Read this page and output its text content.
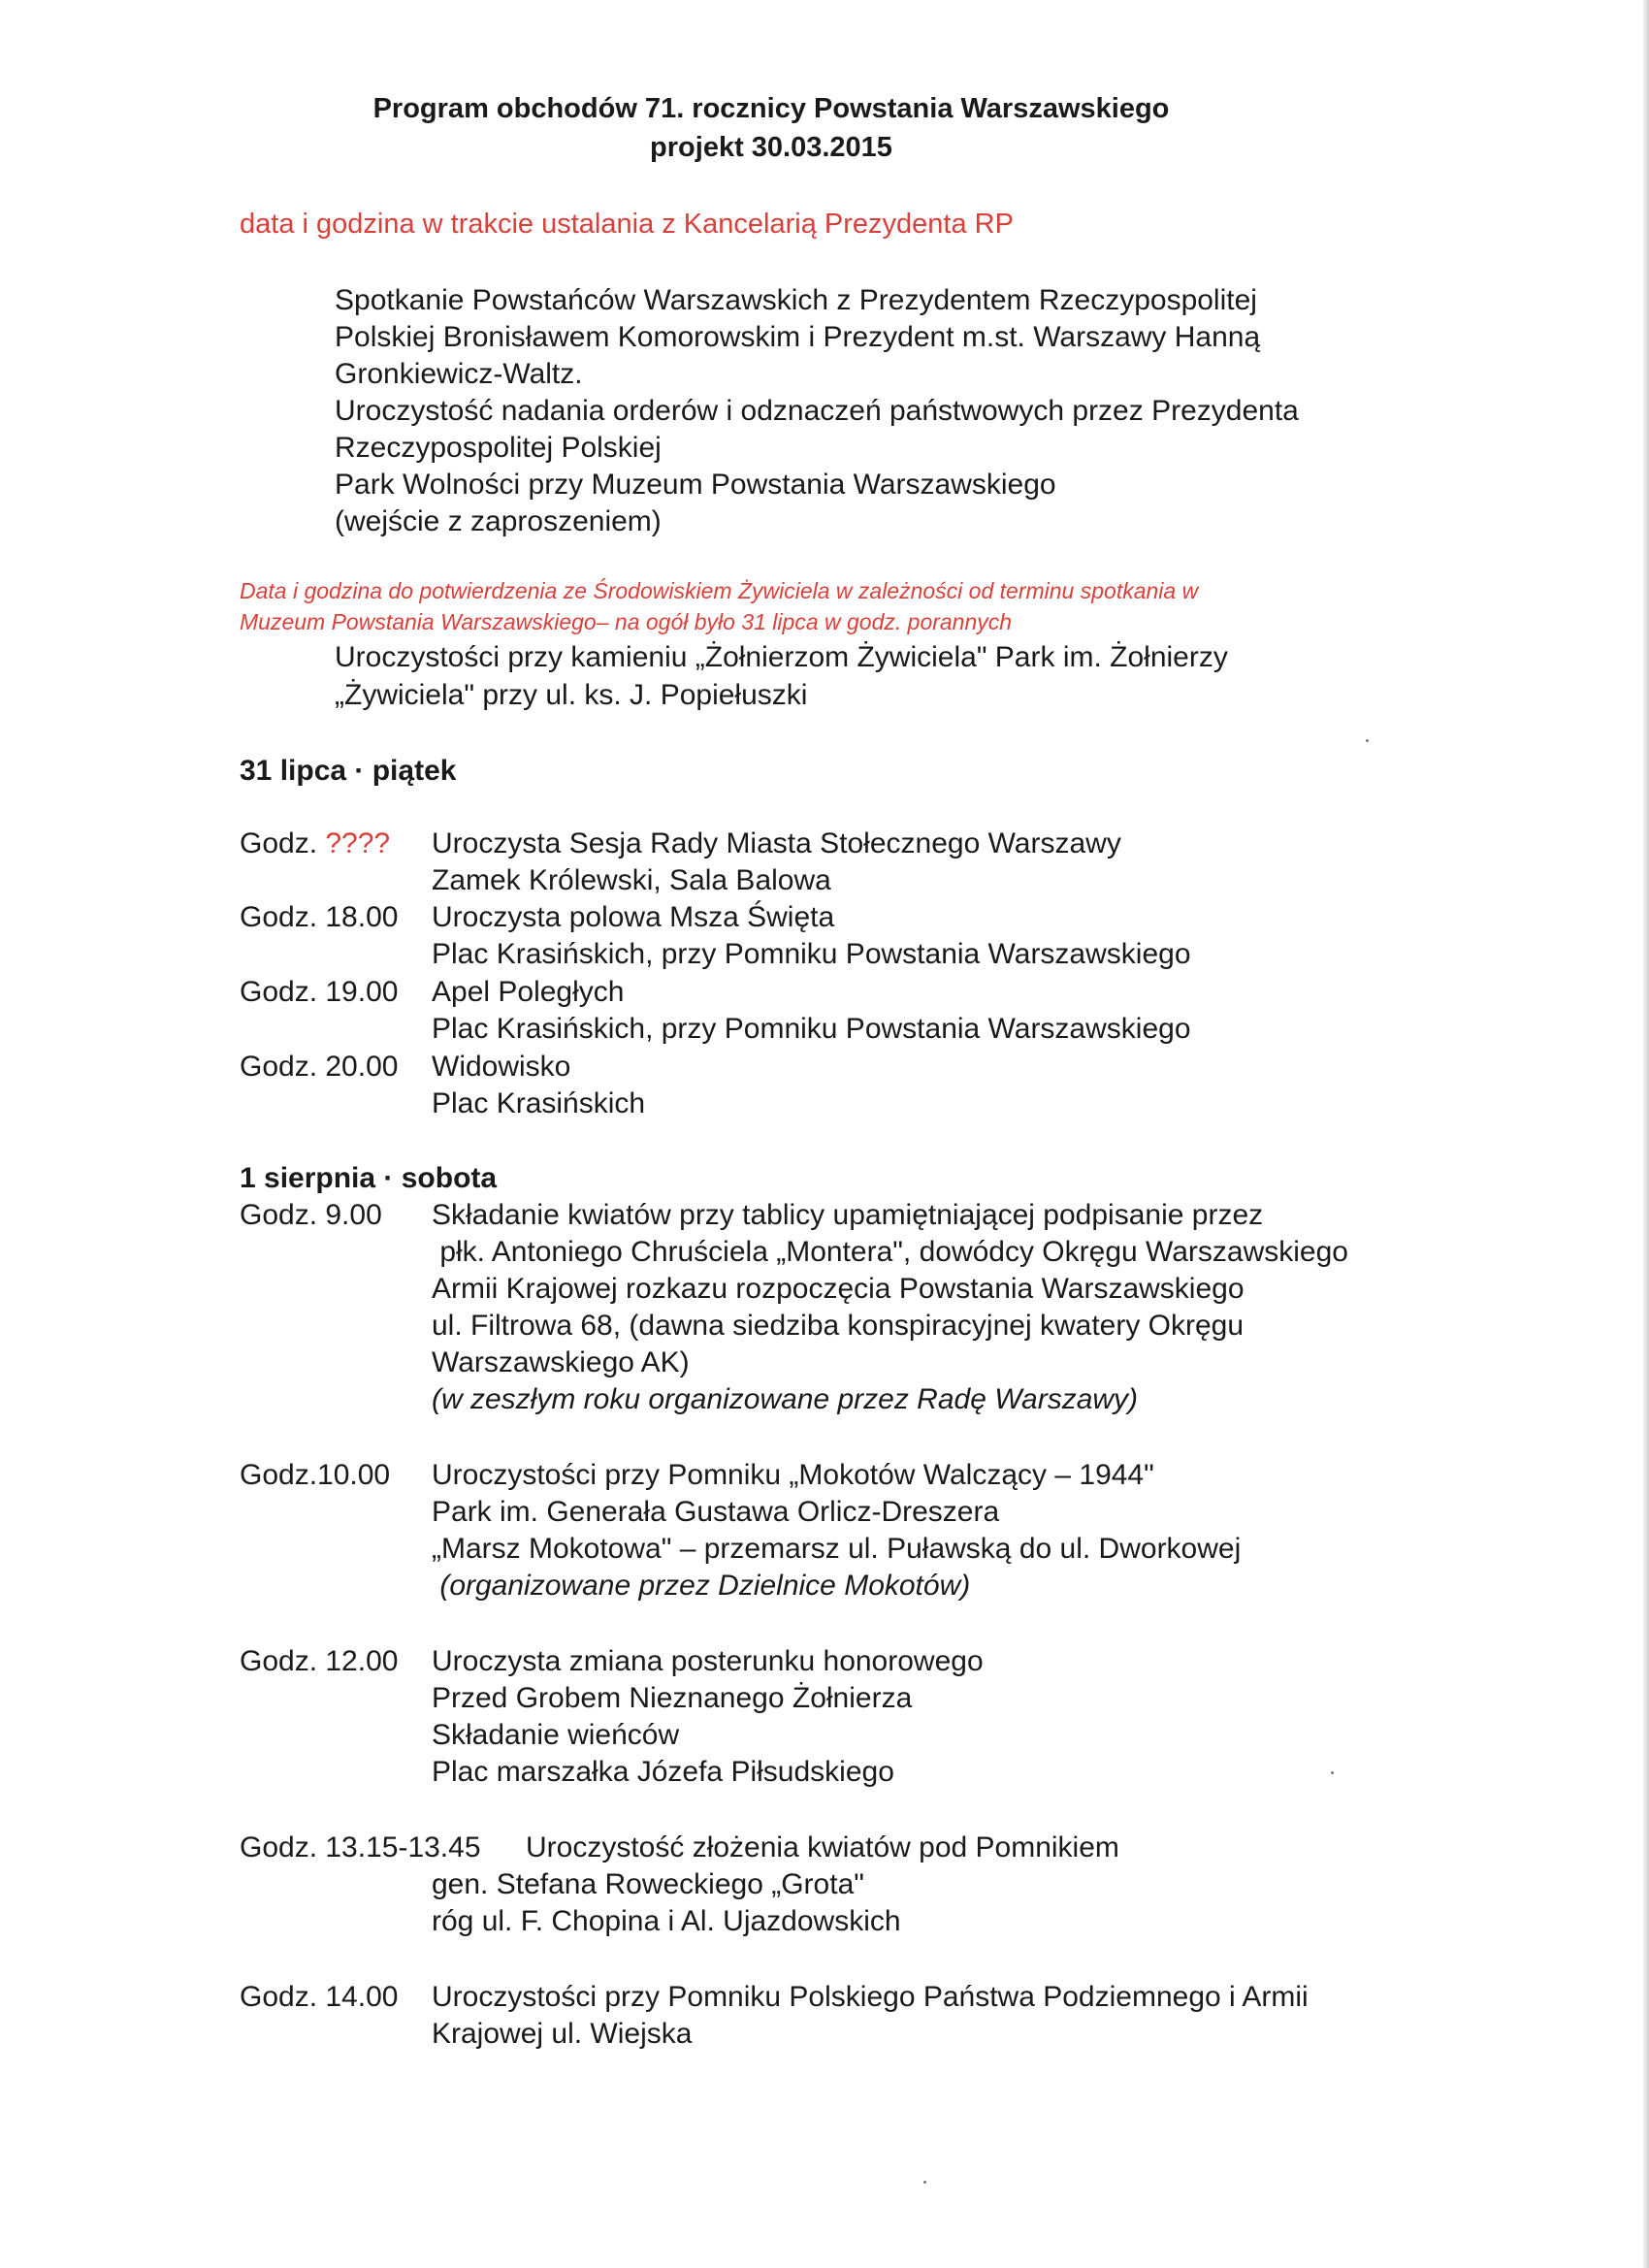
Program obchodów 71. rocznicy Powstania Warszawskiego
projekt 30.03.2015
data i godzina w trakcie ustalania z Kancelarią Prezydenta RP
Spotkanie Powstańców Warszawskich z Prezydentem Rzeczypospolitej
Polskiej Bronisławem Komorowskim i Prezydent m.st. Warszawy Hanną
Gronkiewicz-Waltz.
Uroczystość nadania orderów i odznaczeń państwowych przez Prezydenta
Rzeczypospolitej Polskiej
Park Wolności przy Muzeum Powstania Warszawskiego
(wejście z zaproszeniem)
Data i godzina do potwierdzenia ze Środowiskiem Żywiciela w zależności od terminu spotkania w
Muzeum Powstania Warszawskiego– na ogół było 31 lipca w godz. porannych
Uroczystości przy kamieniu „Żołnierzom Żywiciela" Park im. Żołnierzy
„Żywiciela" przy ul. ks. J. Popiełuszki
31 lipca · piątek
Godz. ???? Uroczysta Sesja Rady Miasta Stołecznego Warszawy
Zamek Królewski, Sala Balowa
Godz. 18.00 Uroczysta polowa Msza Święta
Plac Krasińskich, przy Pomniku Powstania Warszawskiego
Godz. 19.00 Apel Poległych
Plac Krasińskich, przy Pomniku Powstania Warszawskiego
Godz. 20.00 Widowisko
Plac Krasińskich
1 sierpnia · sobota
Godz. 9.00 Składanie kwiatów przy tablicy upamiętniającej podpisanie przez
płk. Antoniego Chruściela „Montera", dowódcy Okręgu Warszawskiego
Armii Krajowej rozkazu rozpoczęcia Powstania Warszawskiego
ul. Filtrowa 68, (dawna siedziba konspiracyjnej kwatery Okręgu
Warszawskiego AK)
(w zeszłym roku organizowane przez Radę Warszawy)
Godz.10.00 Uroczystości przy Pomniku „Mokotów Walczący – 1944"
Park im. Generała Gustawa Orlicz-Dreszera
„Marsz Mokotowa" – przemarsz ul. Puławską do ul. Dworkowej
(organizowane przez Dzielnice Mokotów)
Godz. 12.00 Uroczysta zmiana posterunku honorowego
Przed Grobem Nieznanego Żołnierza
Składanie wieńców
Plac marszałka Józefa Piłsudskiego
Godz. 13.15-13.45 Uroczystość złożenia kwiatów pod Pomnikiem
gen. Stefana Roweckiego „Grota"
róg ul. F. Chopina i Al. Ujazdowskich
Godz. 14.00 Uroczystości przy Pomniku Polskiego Państwa Podziemnego i Armii
Krajowej ul. Wiejska
